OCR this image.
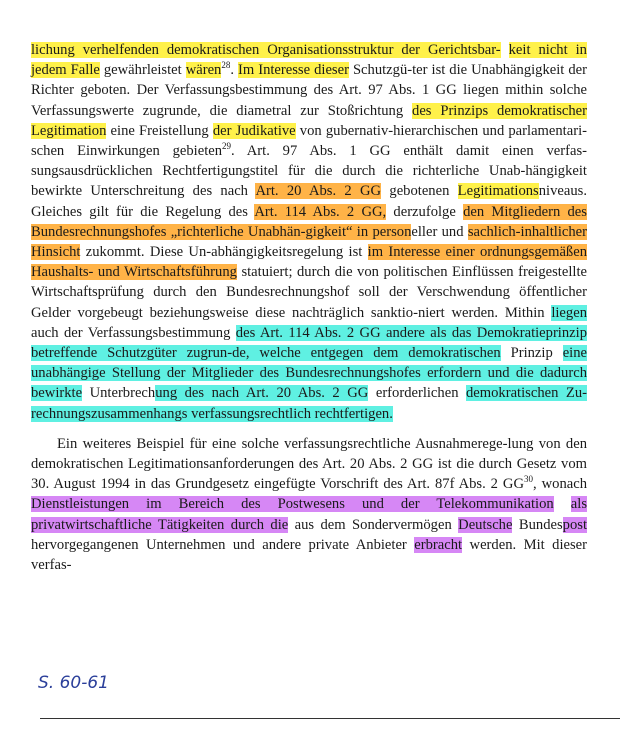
lichung verhelfenden demokratischen Organisationsstruktur der Gerichtsbar- keit nicht in jedem Falle gewährleistet wären$^{28}$. Im Interesse dieser Schutzgü-ter ist die Unabhängigkeit der Richter geboten. Der Verfassungsbestimmung des Art. 97 Abs. 1 GG liegen mithin solche Verfassungswerte zugrunde, die diametral zur Stoßrichtung des Prinzips demokratischer Legitimation eine Freistellung der Judikative von gubernativ-hierarchischen und parlamentari-schen Einwirkungen gebieten$^{29}$. Art. 97 Abs. 1 GG enthält damit einen verfas-sungsausdrücklichen Rechtfertigungstitel für die durch die richterliche Unab-hängigkeit bewirkte Unterschreitung des nach Art. 20 Abs. 2 GG gebotenen Legitimationsniveaus. Gleiches gilt für die Regelung des Art. 114 Abs. 2 GG, derzufolge den Mitgliedern des Bundesrechnungshofes „richterliche Unabhän-gigkeit“ in personeller und sachlich-inhaltlicher Hinsicht zukommt. Diese Un-abhängigkeitsregelung ist im Interesse einer ordnungsgemäßen Haushalts- und Wirtschaftsführung statuiert; durch die von politischen Einflüssen freigestellte Wirtschaftsprüfung durch den Bundesrechnungshof soll der Verschwendung öffentlicher Gelder vorgebeugt beziehungsweise diese nachträglich sanktio-niert werden. Mithin liegen auch der Verfassungsbestimmung des Art. 114 Abs. 2 GG andere als das Demokratieprinzip betreffende Schutzgüter zugrun-de, welche entgegen dem demokratischen Prinzip eine unabhängige Stellung der Mitglieder des Bundesrechnungshofes erfordern und die dadurch bewirkte Unterbrechung des nach Art. 20 Abs. 2 GG erforderlichen demokratischen Zu-rechnungszusammenhangs verfassungsrechtlich rechtfertigen.

Ein weiteres Beispiel für eine solche verfassungsrechtliche Ausnahmerege-lung von den demokratischen Legitimationsanforderungen des Art. 20 Abs. 2 GG ist die durch Gesetz vom 30. August 1994 in das Grundgesetz eingefügte Vorschrift des Art. 87f Abs. 2 GG$^{30}$, wonach Dienstleistungen im Bereich des Postwesens und der Telekommunikation als privatwirtschaftliche Tätigkeiten durch die aus dem Sondervermögen Deutsche Bundespost hervorgegangenen Unternehmen und andere private Anbieter erbracht werden. Mit dieser verfas-

S. 60-61
